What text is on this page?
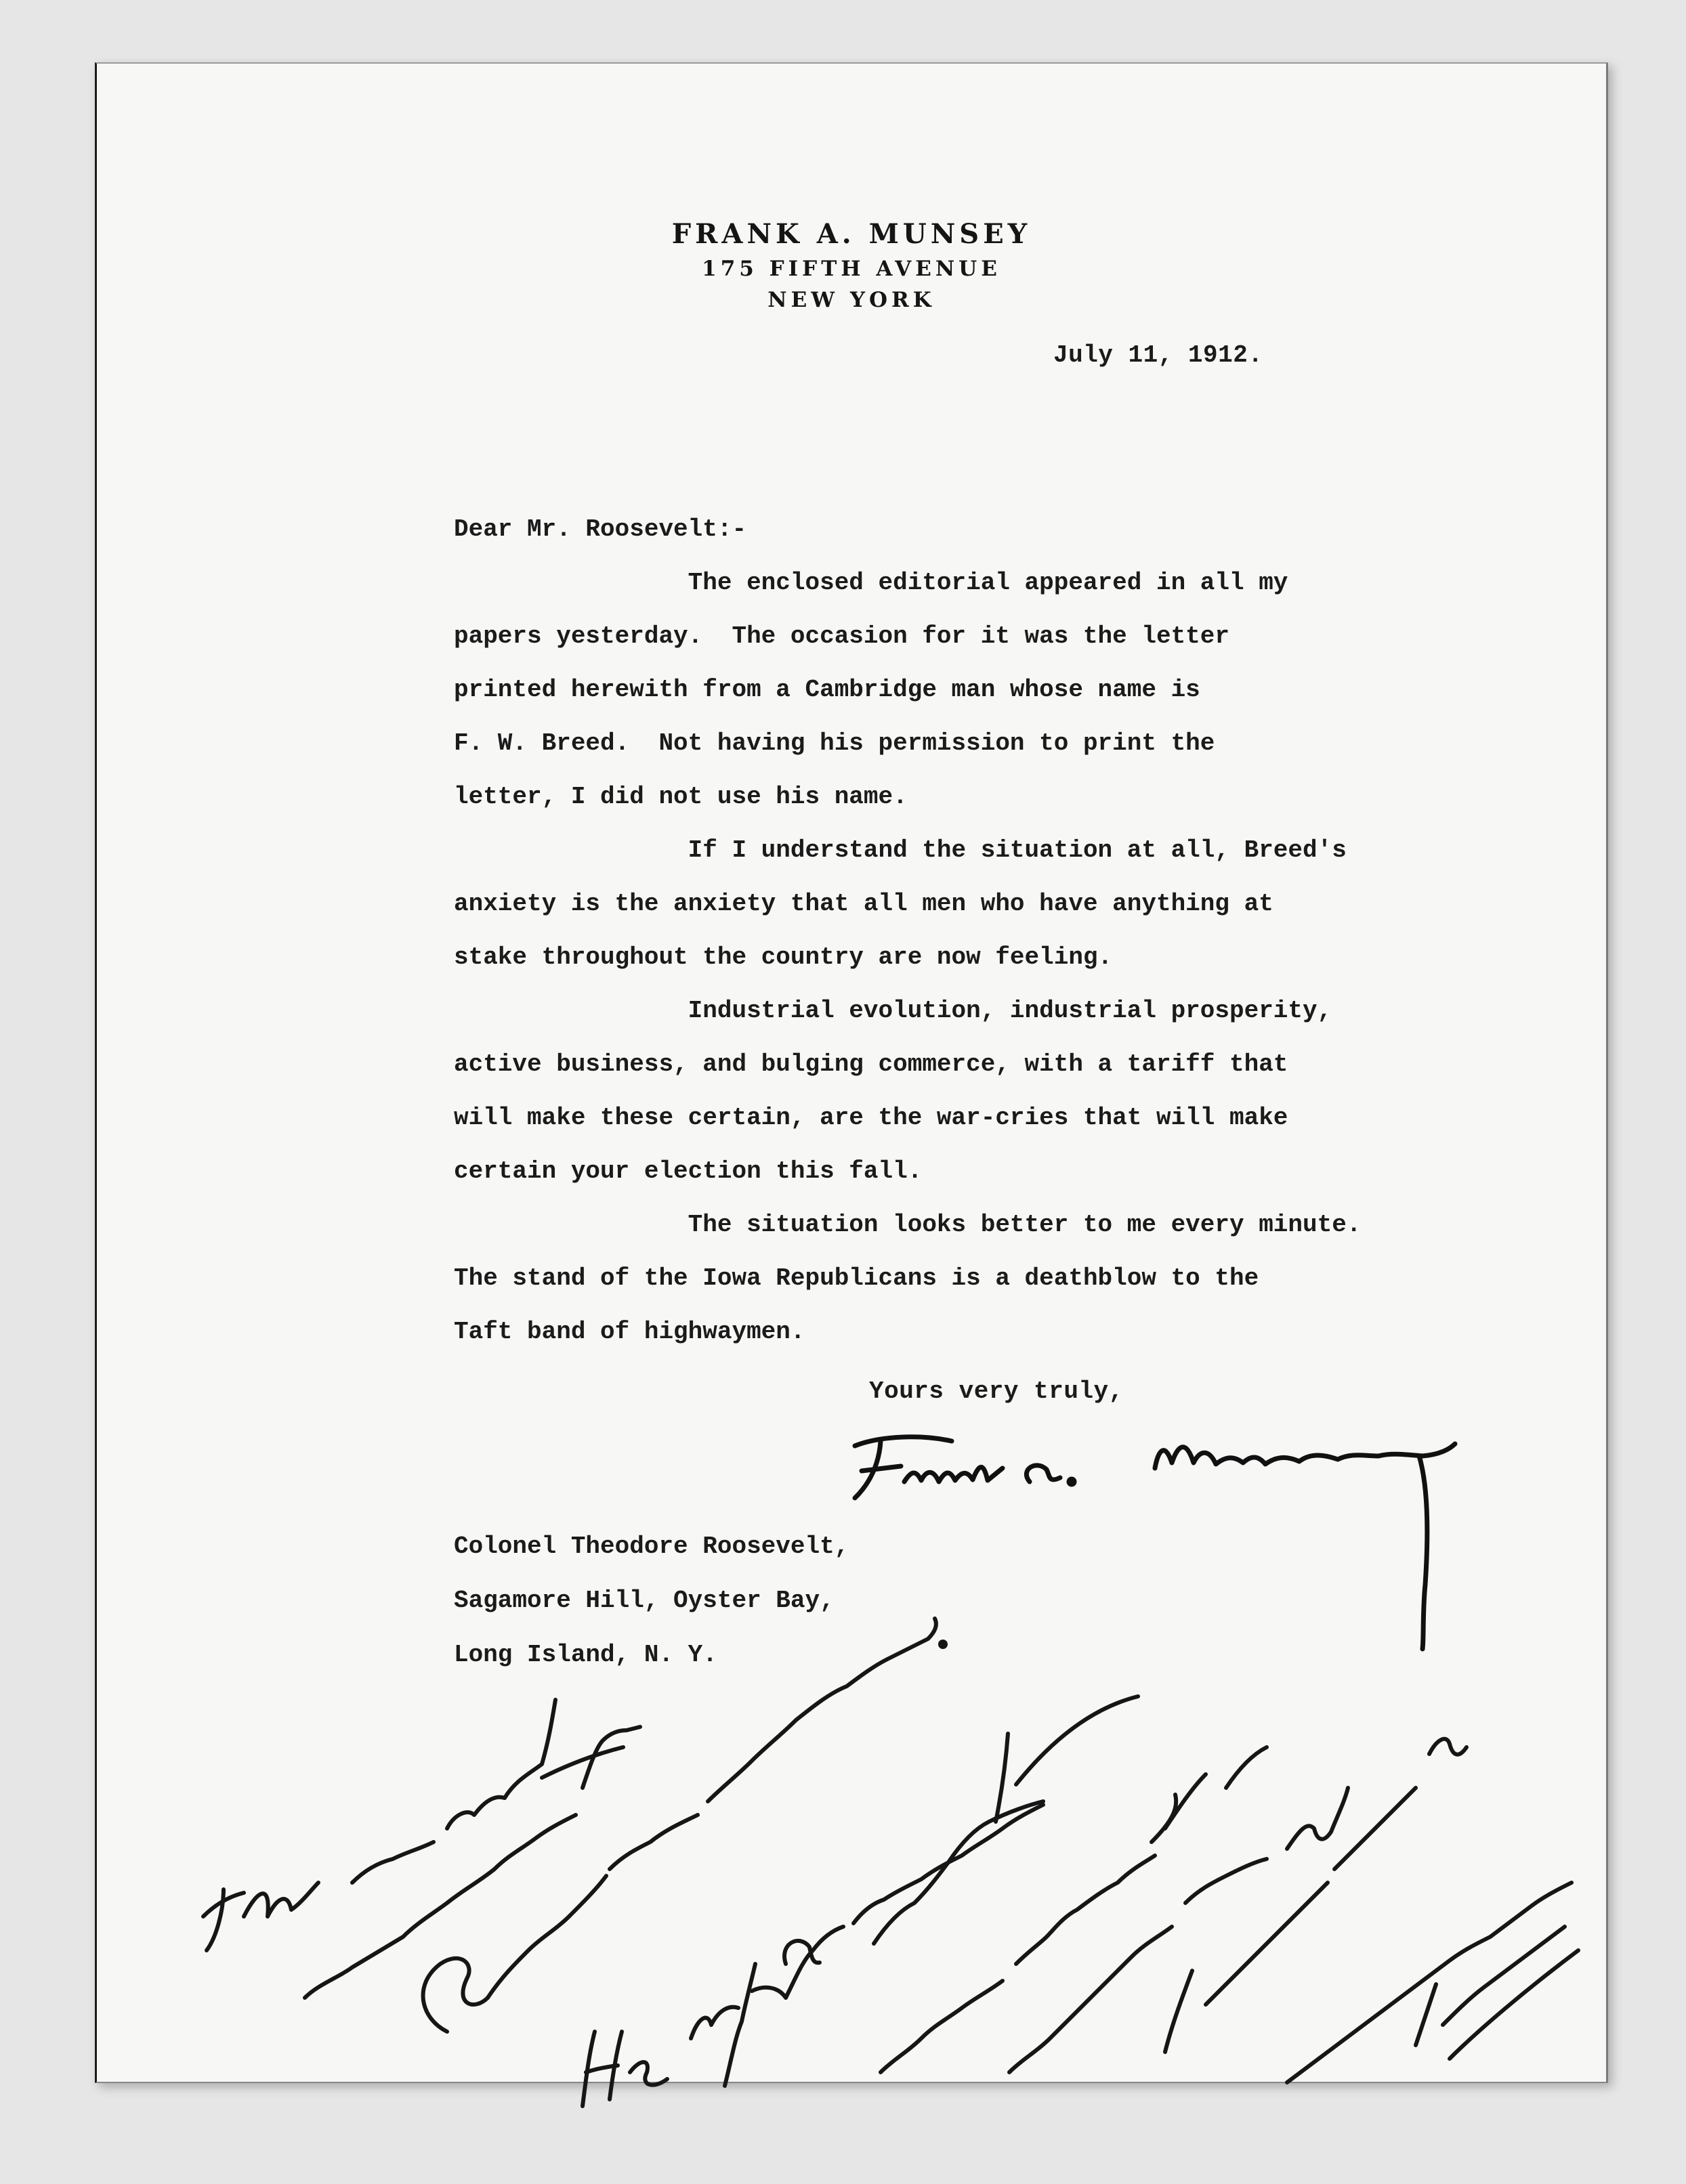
FRANK A. MUNSEY
175 FIFTH AVENUE
NEW YORK
July 11, 1912.
Dear Mr. Roosevelt:-
The enclosed editorial appeared in all my
papers yesterday.  The occasion for it was the letter
printed herewith from a Cambridge man whose name is
F. W. Breed.  Not having his permission to print the
letter, I did not use his name.
If I understand the situation at all, Breed's
anxiety is the anxiety that all men who have anything at
stake throughout the country are now feeling.
Industrial evolution, industrial prosperity,
active business, and bulging commerce, with a tariff that
will make these certain, are the war-cries that will make
certain your election this fall.
The situation looks better to me every minute.
The stand of the Iowa Republicans is a deathblow to the
Taft band of highwaymen.
Yours very truly,
Colonel Theodore Roosevelt,
Sagamore Hill, Oyster Bay,
Long Island, N. Y.
